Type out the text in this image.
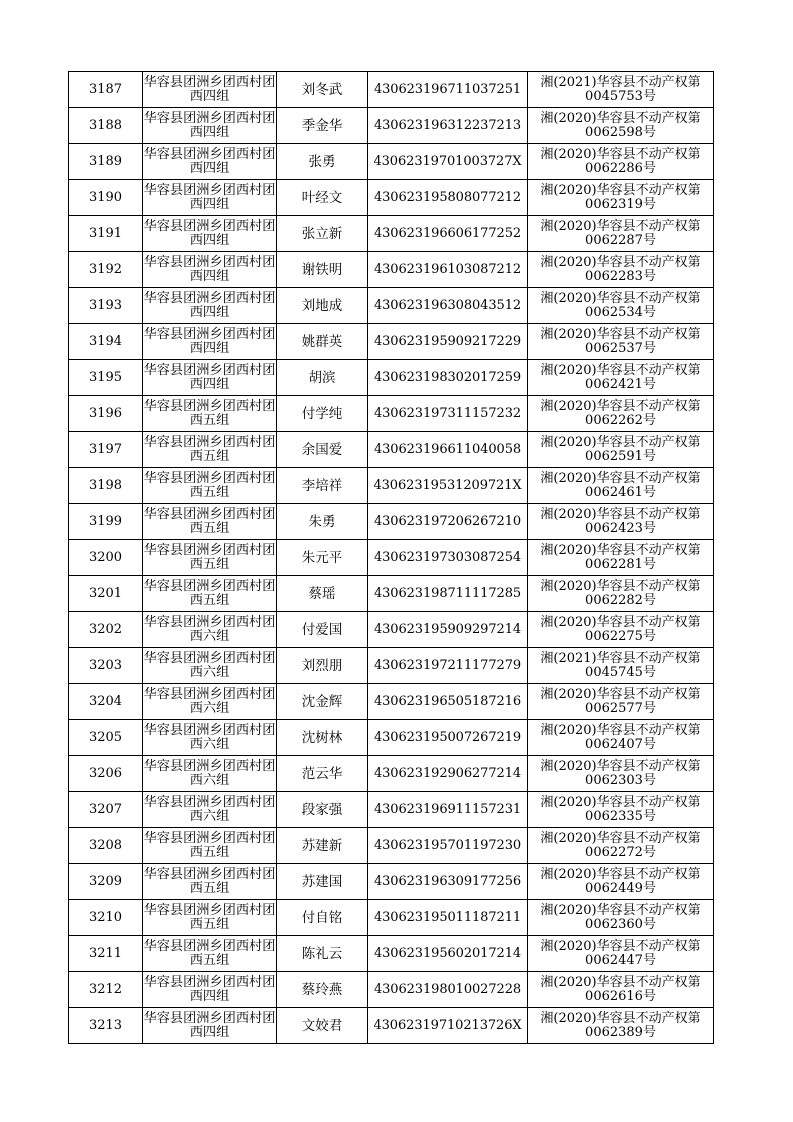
3187	华容县团洲乡团西村团西四组	刘冬武	430623196711037251	湘(2021)华容县不动产权第0045753号
3188	华容县团洲乡团西村团西四组	季金华	430623196312237213	湘(2020)华容县不动产权第0062598号
3189	华容县团洲乡团西村团西四组	张勇	43062319701003727X	湘(2020)华容县不动产权第0062286号
3190	华容县团洲乡团西村团西四组	叶经文	430623195808077212	湘(2020)华容县不动产权第0062319号
3191	华容县团洲乡团西村团西四组	张立新	430623196606177252	湘(2020)华容县不动产权第0062287号
3192	华容县团洲乡团西村团西四组	谢铁明	430623196103087212	湘(2020)华容县不动产权第0062283号
3193	华容县团洲乡团西村团西四组	刘地成	430623196308043512	湘(2020)华容县不动产权第0062534号
3194	华容县团洲乡团西村团西四组	姚群英	430623195909217229	湘(2020)华容县不动产权第0062537号
3195	华容县团洲乡团西村团西四组	胡滨	430623198302017259	湘(2020)华容县不动产权第0062421号
3196	华容县团洲乡团西村团西五组	付学纯	430623197311157232	湘(2020)华容县不动产权第0062262号
3197	华容县团洲乡团西村团西五组	余国爱	430623196611040058	湘(2020)华容县不动产权第0062591号
3198	华容县团洲乡团西村团西五组	李培祥	43062319531209721X	湘(2020)华容县不动产权第0062461号
3199	华容县团洲乡团西村团西五组	朱勇	430623197206267210	湘(2020)华容县不动产权第0062423号
3200	华容县团洲乡团西村团西五组	朱元平	430623197303087254	湘(2020)华容县不动产权第0062281号
3201	华容县团洲乡团西村团西五组	蔡瑶	430623198711117285	湘(2020)华容县不动产权第0062282号
3202	华容县团洲乡团西村团西六组	付爱国	430623195909297214	湘(2020)华容县不动产权第0062275号
3203	华容县团洲乡团西村团西六组	刘烈朋	430623197211177279	湘(2021)华容县不动产权第0045745号
3204	华容县团洲乡团西村团西六组	沈金辉	430623196505187216	湘(2020)华容县不动产权第0062577号
3205	华容县团洲乡团西村团西六组	沈树林	430623195007267219	湘(2020)华容县不动产权第0062407号
3206	华容县团洲乡团西村团西六组	范云华	430623192906277214	湘(2020)华容县不动产权第0062303号
3207	华容县团洲乡团西村团西六组	段家强	430623196911157231	湘(2020)华容县不动产权第0062335号
3208	华容县团洲乡团西村团西五组	苏建新	430623195701197230	湘(2020)华容县不动产权第0062272号
3209	华容县团洲乡团西村团西五组	苏建国	430623196309177256	湘(2020)华容县不动产权第0062449号
3210	华容县团洲乡团西村团西五组	付自铭	430623195011187211	湘(2020)华容县不动产权第0062360号
3211	华容县团洲乡团西村团西五组	陈礼云	430623195602017214	湘(2020)华容县不动产权第0062447号
3212	华容县团洲乡团西村团西四组	蔡玲燕	430623198010027228	湘(2020)华容县不动产权第0062616号
3213	华容县团洲乡团西村团西四组	文姣君	43062319710213726X	湘(2020)华容县不动产权第0062389号
